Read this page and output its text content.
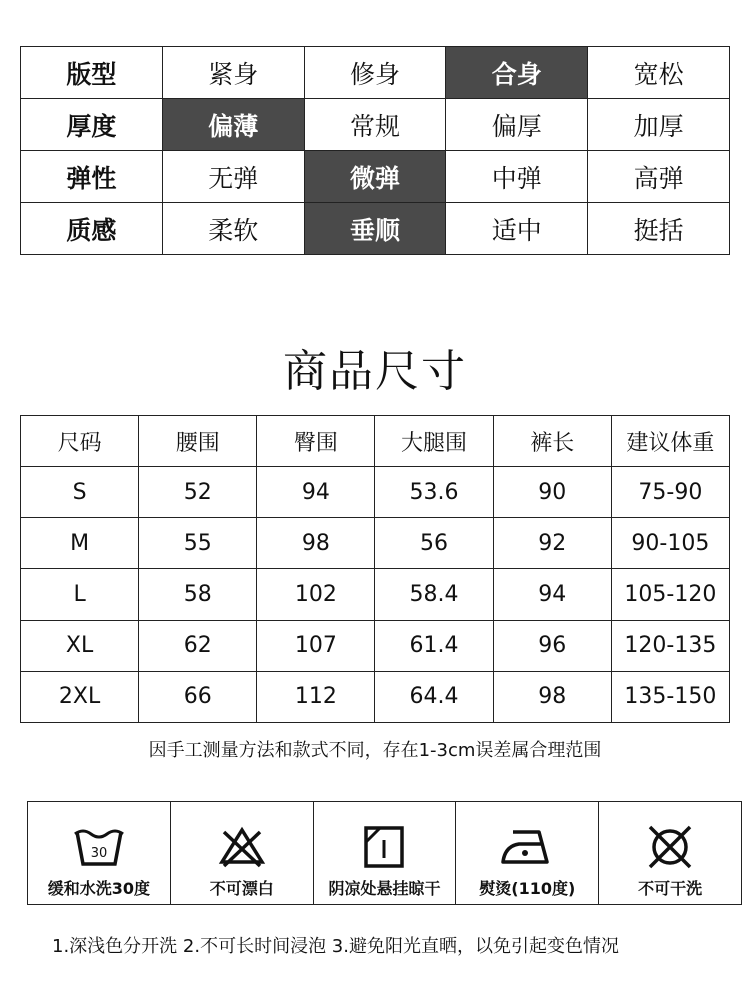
版型	紧身	修身	合身	宽松
厚度	偏薄	常规	偏厚	加厚
弹性	无弹	微弹	中弹	高弹
质感	柔软	垂顺	适中	挺括
商品尺寸
尺码	腰围	臀围	大腿围	裤长	建议体重
S	52	94	53.6	90	75-90
M	55	98	56	92	90-105
L	58	102	58.4	94	105-120
XL	62	107	61.4	96	120-135
2XL	66	112	64.4	98	135-150
因手工测量方法和款式不同，存在1-3cm误差属合理范围
30
缓和水洗30度	不可漂白	阴凉处悬挂晾干 熨烫(110度)	不可干洗
1.深浅色分开洗 2.不可长时间浸泡 3.避免阳光直晒，以免引起变色情况
